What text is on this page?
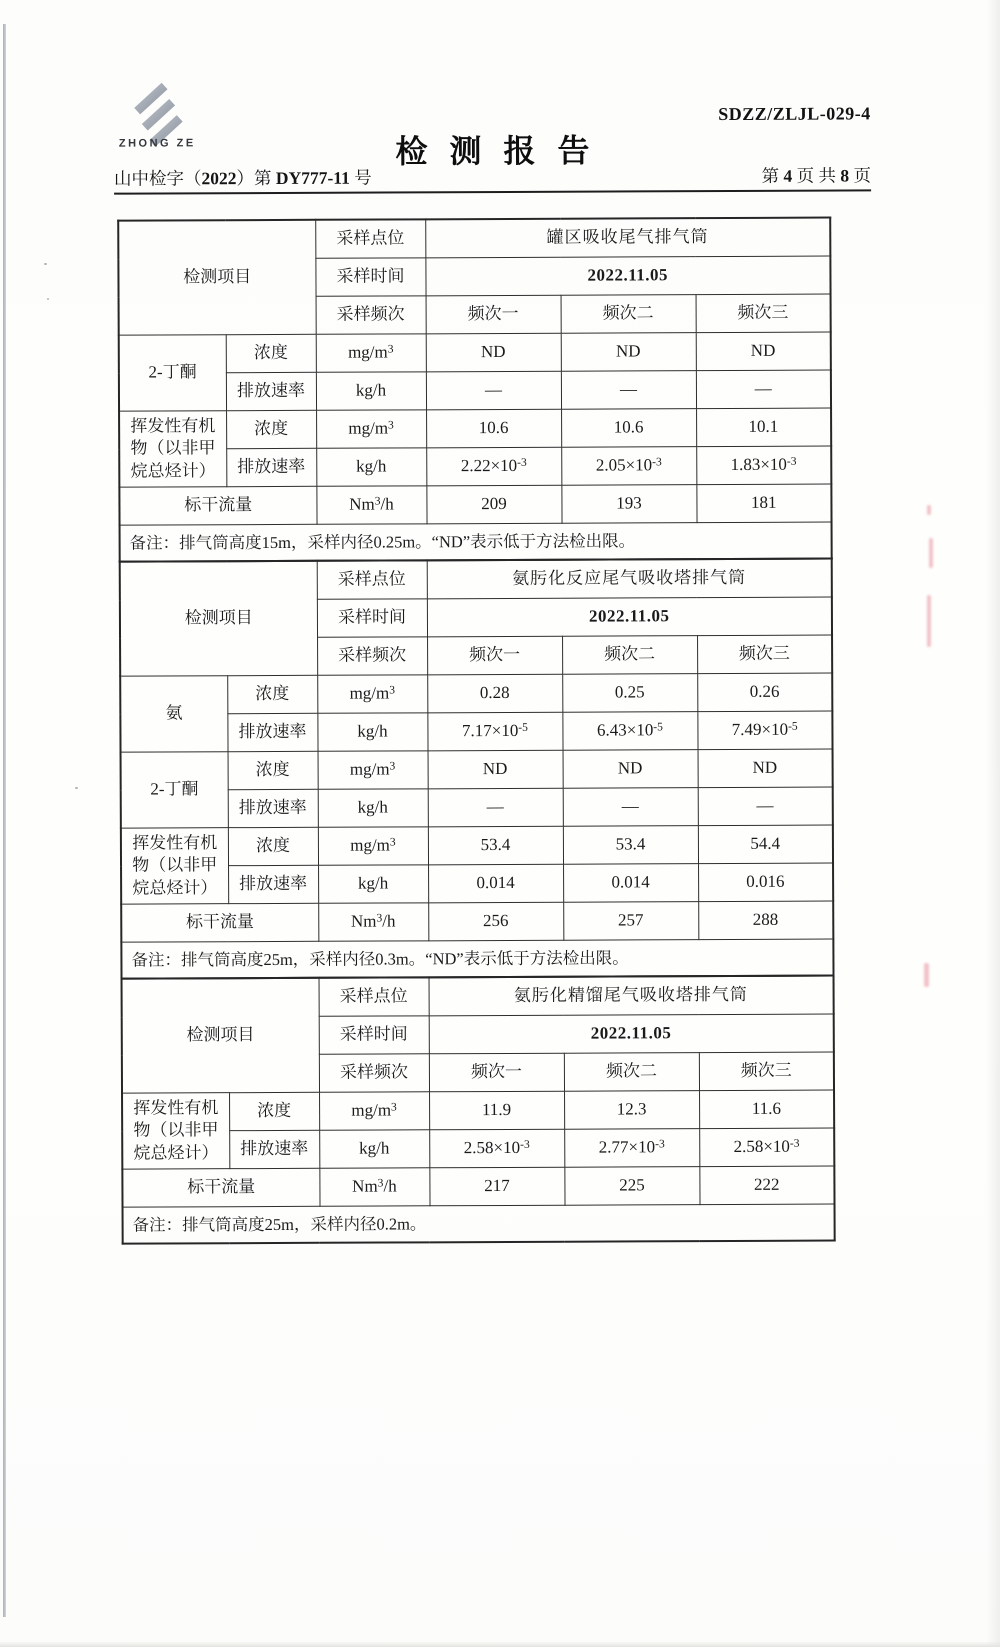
ZHONG ZE
SDZZ/ZLJL-029-4
检测报告
山中检字（2022）第 DY777-11 号	第 4 页 共 8 页
检测项目		采样点位	罐区吸收尾气排气筒		
		采样时间	2022.11.05		
		采样频次	频次一	频次二	频次三
2-丁酮	浓度	$mg/m^3$	ND	ND	ND
	排放速率	kg/h	—	—	—
挥发性有机物（以非甲烷总烃计）	浓度	$mg/m^3$	10.6	10.6	10.1
	排放速率	kg/h	$2.22\times 10^{-3}$	$2.05\times 10^{-3}$	$1.83\times 10^{-3}$
标干流量		Nm$^3$/h	209	193	181
备注：排气筒高度15m，采样内径0.25m。“ND”表示低于方法检出限。					
检测项目		采样点位	氨肟化反应尾气吸收塔排气筒		
		采样时间	2022.11.05		
		采样频次	频次一	频次二	频次三
氨	浓度	$mg/m^3$	0.28	0.25	0.26
	排放速率	kg/h	$7.17\times 10^{-5}$	$6.43\times 10^{-5}$	$7.49\times 10^{-5}$
2-丁酮	浓度	$mg/m^3$	ND	ND	ND
	排放速率	kg/h	—	—	—
挥发性有机物（以非甲烷总烃计）	浓度	$mg/m^3$	53.4	53.4	54.4
	排放速率	kg/h	0.014	0.014	0.016
标干流量		Nm$^3$/h	256	257	288
备注：排气筒高度25m，采样内径0.3m。“ND”表示低于方法检出限。					
检测项目		采样点位	氨肟化精馏尾气吸收塔排气筒		
		采样时间	2022.11.05		
		采样频次	频次一	频次二	频次三
挥发性有机物（以非甲烷总烃计）	浓度	$mg/m^3$	11.9	12.3	11.6
	排放速率	kg/h	$2.58\times 10^{-3}$	$2.77\times 10^{-3}$	$2.58\times 10^{-3}$
标干流量		Nm$^3$/h	217	225	222
备注：排气筒高度25m，采样内径0.2m。					
